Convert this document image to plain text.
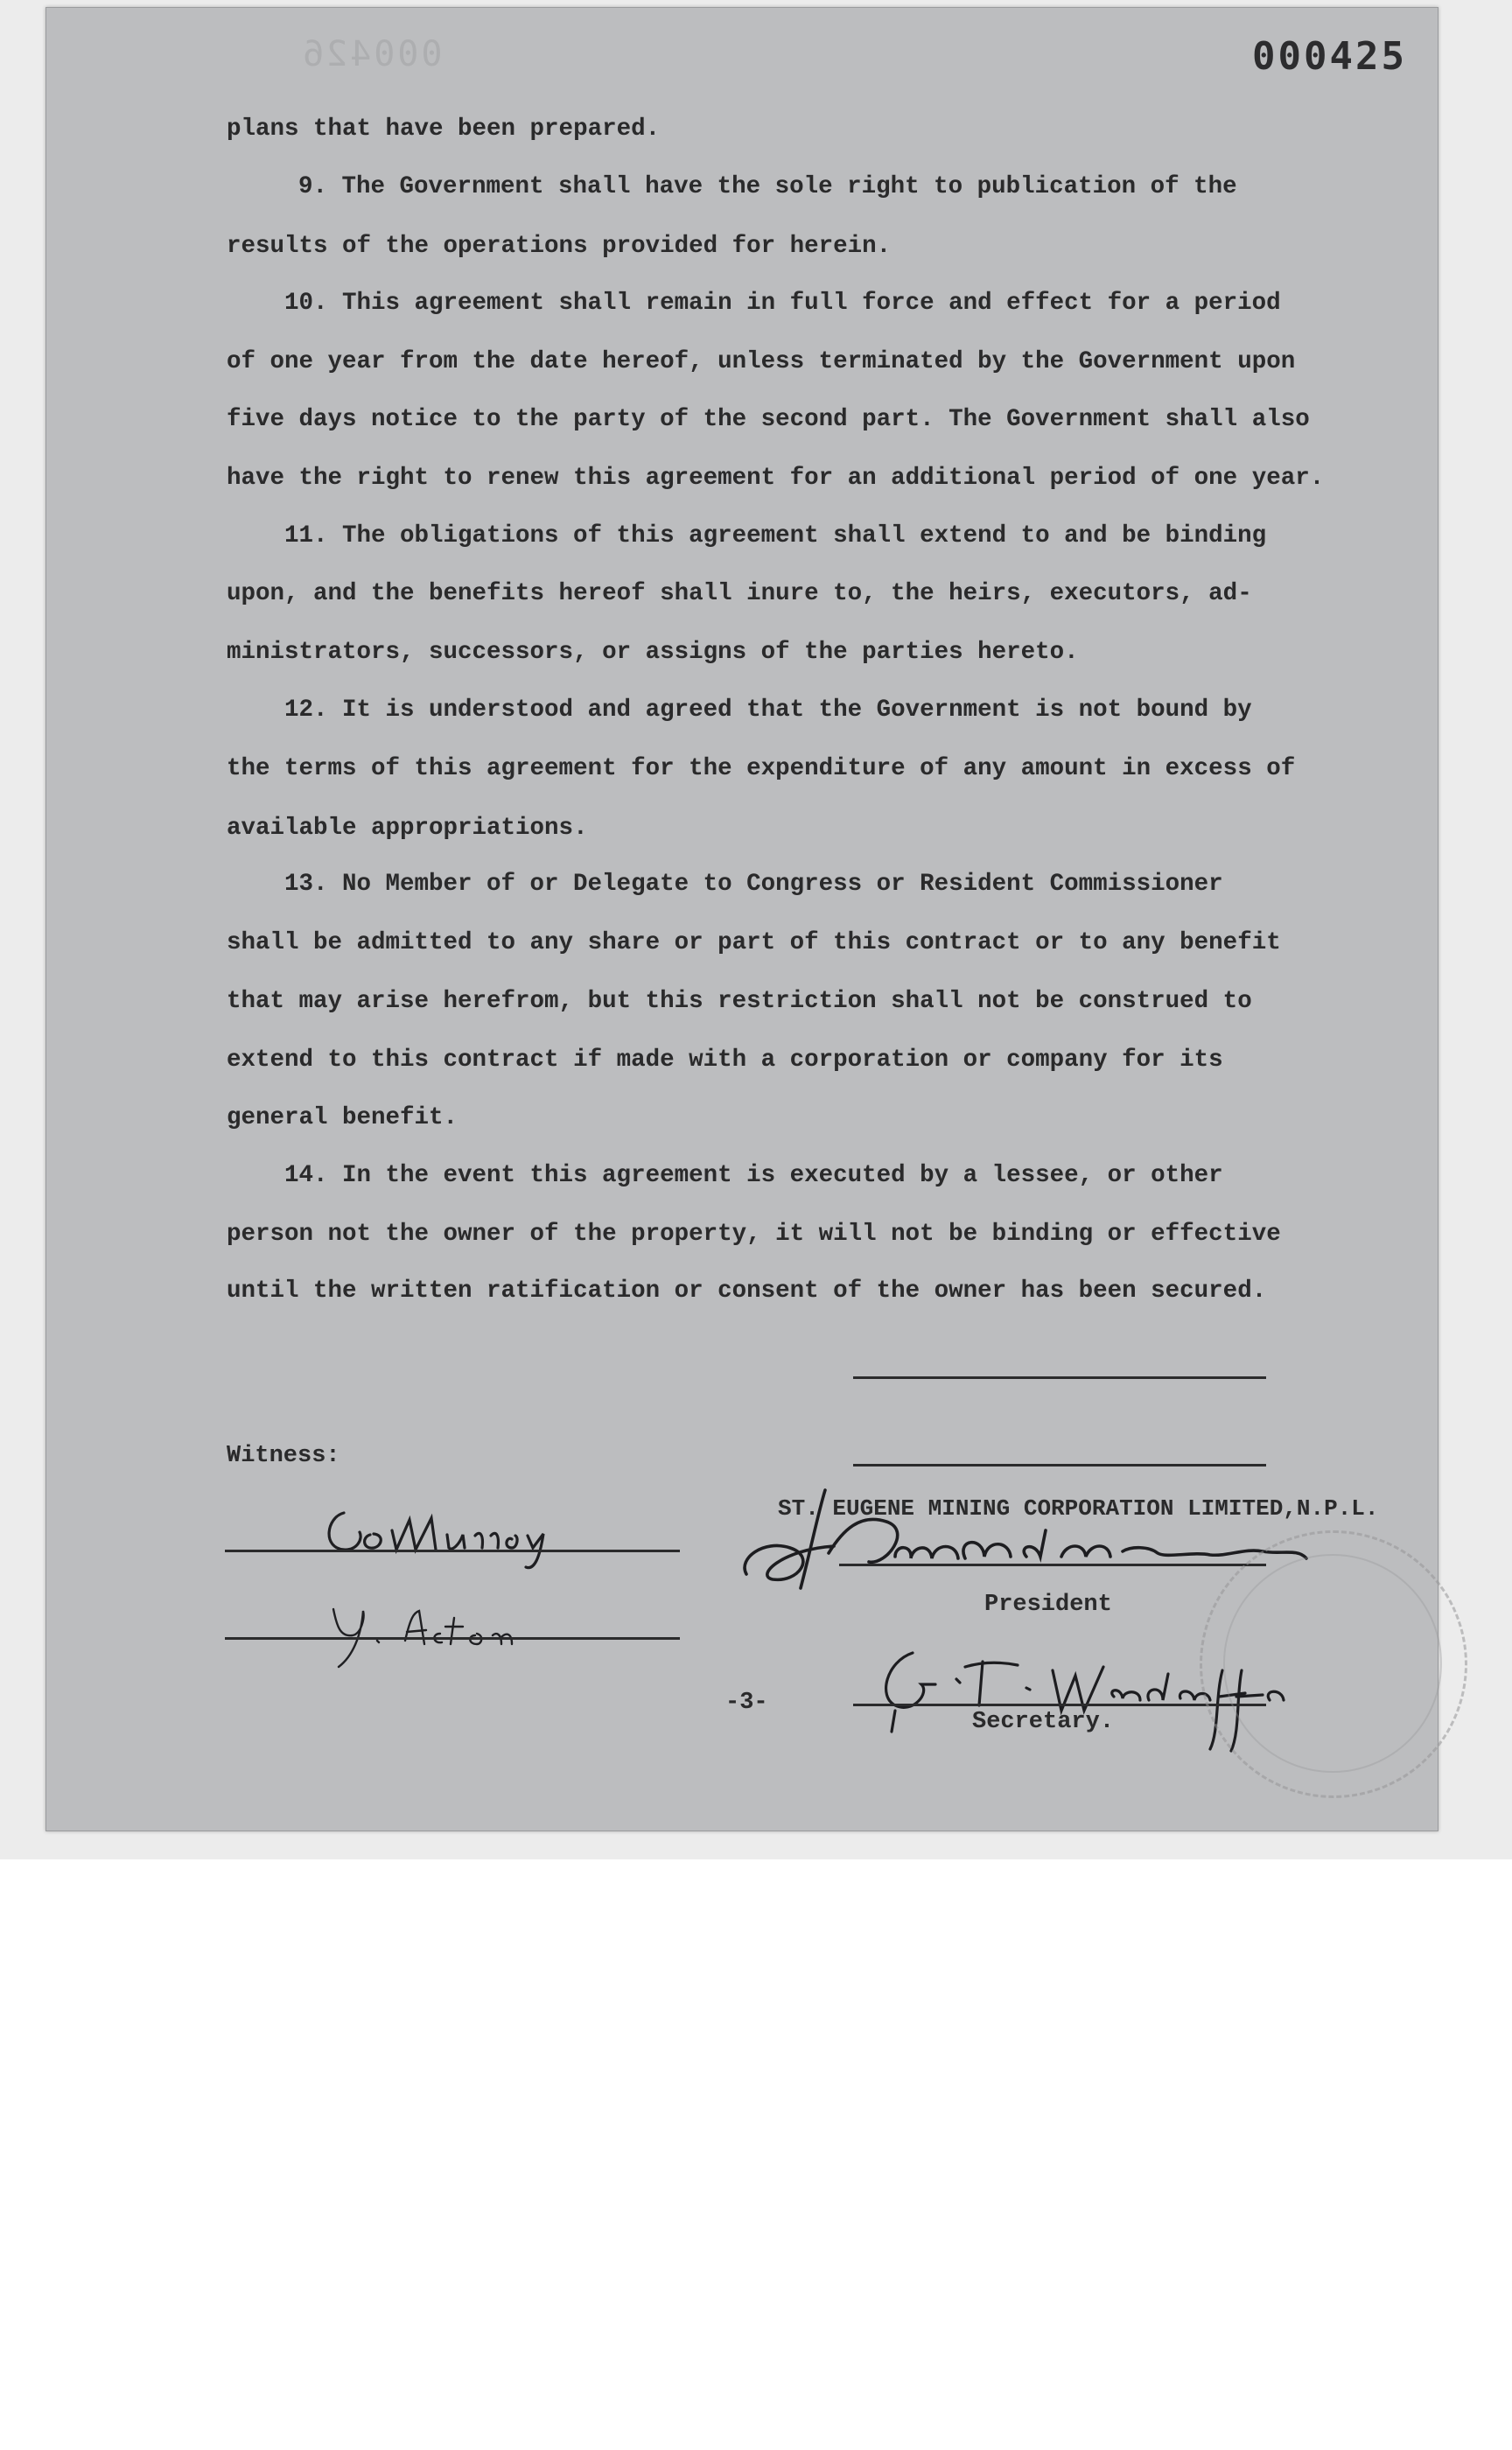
000426	000425
plans that have been prepared.
9. The Government shall have the sole right to publication of the
results of the operations provided for herein.
10. This agreement shall remain in full force and effect for a period
of one year from the date hereof, unless terminated by the Government upon
five days notice to the party of the second part. The Government shall also
have the right to renew this agreement for an additional period of one year.
11. The obligations of this agreement shall extend to and be binding
upon, and the benefits hereof shall inure to, the heirs, executors, ad-
ministrators, successors, or assigns of the parties hereto.
12. It is understood and agreed that the Government is not bound by
the terms of this agreement for the expenditure of any amount in excess of
available appropriations.
13. No Member of or Delegate to Congress or Resident Commissioner
shall be admitted to any share or part of this contract or to any benefit
that may arise herefrom, but this restriction shall not be construed to
extend to this contract if made with a corporation or company for its
general benefit.
14. In the event this agreement is executed by a lessee, or other
person not the owner of the property, it will not be binding or effective
until the written ratification or consent of the owner has been secured.
Witness:
ST. EUGENE MINING CORPORATION LIMITED,N.P.L.
President
-3-
Secretary.
